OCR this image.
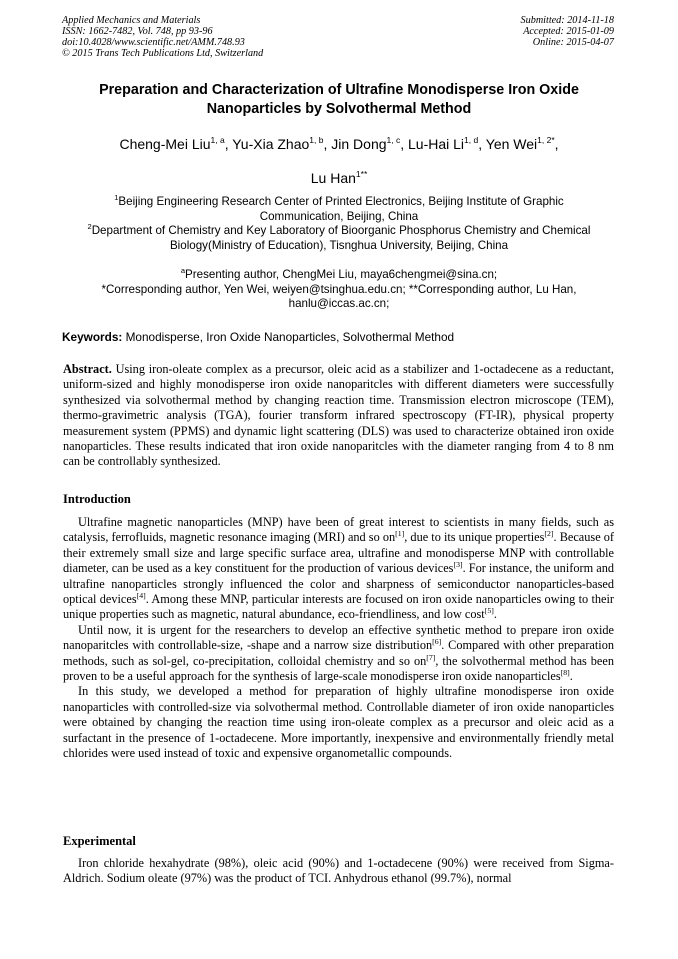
Applied Mechanics and Materials
ISSN: 1662-7482, Vol. 748, pp 93-96
doi:10.4028/www.scientific.net/AMM.748.93
© 2015 Trans Tech Publications Ltd, Switzerland
Submitted: 2014-11-18
Accepted: 2015-01-09
Online: 2015-04-07
Preparation and Characterization of Ultrafine Monodisperse Iron Oxide
Nanoparticles by Solvothermal Method
Cheng-Mei Liu$^{1, a}$, Yu-Xia Zhao$^{1, b}$, Jin Dong$^{1, c}$, Lu-Hai Li$^{1, d}$, Yen Wei$^{1, 2*}$,
Lu Han$^{1**}$
$^1$Beijing Engineering Research Center of Printed Electronics, Beijing Institute of Graphic
Communication, Beijing, China
$^2$Department of Chemistry and Key Laboratory of Bioorganic Phosphorus Chemistry and Chemical
Biology(Ministry of Education), Tisnghua University, Beijing, China
$^a$Presenting author, ChengMei Liu, maya6chengmei@sina.cn;
*Corresponding author, Yen Wei, weiyen@tsinghua.edu.cn; **Corresponding author, Lu Han,
hanlu@iccas.ac.cn;
Keywords: Monodisperse, Iron Oxide Nanoparticles, Solvothermal Method
Abstract. Using iron-oleate complex as a precursor, oleic acid as a stabilizer and 1-octadecene as a reductant, uniform-sized and highly monodisperse iron oxide nanoparitcles with different diameters were successfully synthesized via solvothermal method by changing reaction time. Transmission electron microscope (TEM), thermo-gravimetric analysis (TGA), fourier transform infrared spectroscopy (FT-IR), physical property measurement system (PPMS) and dynamic light scattering (DLS) was used to characterize obtained iron oxide nanoparticles. These results indicated that iron oxide nanoparitcles with the diameter ranging from 4 to 8 nm can be controllably synthesized.
Introduction

Ultrafine magnetic nanoparticles (MNP) have been of great interest to scientists in many fields, such as catalysis, ferrofluids, magnetic resonance imaging (MRI) and so on[1], due to its unique properties[2]. Because of their extremely small size and large specific surface area, ultrafine and monodisperse MNP with controllable diameter, can be used as a key constituent for the production of various devices[3]. For instance, the uniform and ultrafine nanoparticles strongly influenced the color and sharpness of semiconductor nanoparticles-based optical devices[4]. Among these MNP, particular interests are focused on iron oxide nanoparticles owing to their unique properties such as magnetic, natural abundance, eco-friendliness, and low cost[5].

Until now, it is urgent for the researchers to develop an effective synthetic method to prepare iron oxide nanoparitcles with controllable-size, -shape and a narrow size distribution[6]. Compared with other preparation methods, such as sol-gel, co-precipitation, colloidal chemistry and so on[7], the solvothermal method has been proven to be a useful approach for the synthesis of large-scale monodisperse iron oxide nanoparticles[8].

In this study, we developed a method for preparation of highly ultrafine monodisperse iron oxide nanoparticles with controlled-size via solvothermal method. Controllable diameter of iron oxide nanoparticles were obtained by changing the reaction time using iron-oleate complex as a precursor and oleic acid as a surfactant in the presence of 1-octadecene. More importantly, inexpensive and environmentally friendly metal chlorides were used instead of toxic and expensive organometallic compounds.

Experimental

Iron chloride hexahydrate (98%), oleic acid (90%) and 1-octadecene (90%) were received from Sigma-Aldrich. Sodium oleate (97%) was the product of TCI. Anhydrous ethanol (99.7%), normal
